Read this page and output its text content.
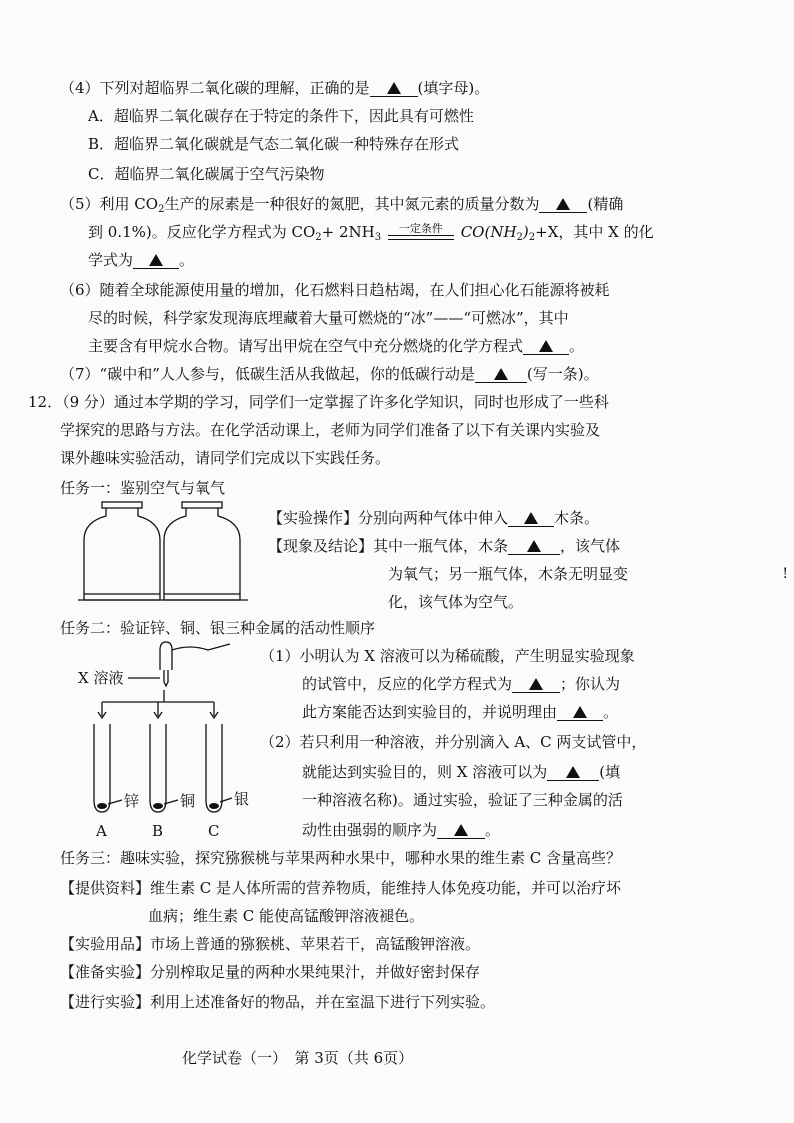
（4）下列对超临界二氧化碳的理解，正确的是	(填字母)。
A．超临界二氧化碳存在于特定的条件下，因此具有可燃性
B．超临界二氧化碳就是气态二氧化碳一种特殊存在形式
C．超临界二氧化碳属于空气污染物
（5）利用 $CO_2$生产的尿素是一种很好的氮肥，其中氮元素的质量分数为	(精确
到 0.1%)。反应化学方程式为 $CO_2+ 2NH_3$
一定条件	$CO(NH_2)_2+X$，其中 X 的化
学式为	。
（6）随着全球能源使用量的增加，化石燃料日趋枯竭，在人们担心化石能源将被耗
尽的时候，科学家发现海底埋藏着大量可燃烧的“冰”——“可燃冰”，其中
主要含有甲烷水合物。请写出甲烷在空气中充分燃烧的化学方程式	。
（7）“碳中和”人人参与，低碳生活从我做起，你的低碳行动是	(写一条)。
12．（9 分）通过本学期的学习，同学们一定掌握了许多化学知识，同时也形成了一些科
学探究的思路与方法。在化学活动课上，老师为同学们准备了以下有关课内实验及
课外趣味实验活动，请同学们完成以下实践任务。
任务一：鉴别空气与氧气
【实验操作】分别向两种气体中伸入	木条。
【现象及结论】其中一瓶气体，木条	，该气体
为氧气；另一瓶气体，木条无明显变
化，该气体为空气。
任务二：验证锌、铜、银三种金属的活动性顺序
X 溶液
锌	铜	银
A	B	C
（1）小明认为 X 溶液可以为稀硫酸，产生明显实验现象
的试管中，反应的化学方程式为	；你认为
此方案能否达到实验目的，并说明理由	。
（2）若只利用一种溶液，并分别滴入 A、C 两支试管中，
就能达到实验目的，则 X 溶液可以为	(填
一种溶液名称)。通过实验，验证了三种金属的活
动性由强弱的顺序为	。
任务三：趣味实验，探究猕猴桃与苹果两种水果中，哪种水果的维生素 C 含量高些？
【提供资料】维生素 C 是人体所需的营养物质，能维持人体免疫功能，并可以治疗坏
血病；维生素 C 能使高锰酸钾溶液褪色。
【实验用品】市场上普通的猕猴桃、苹果若干，高锰酸钾溶液。
【准备实验】分别榨取足量的两种水果纯果汁，并做好密封保存
【进行实验】利用上述准备好的物品，并在室温下进行下列实验。
化学试卷（一）　第 3页（共 6页）
!
